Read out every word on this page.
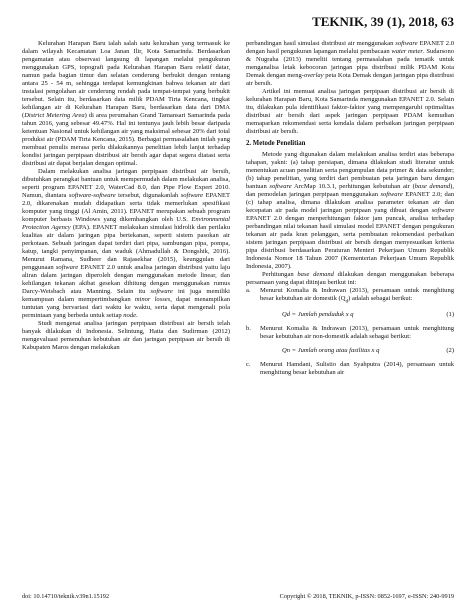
TEKNIK, 39 (1), 2018, 63

Kelurahan Harapan Baru ialah salah satu kelurahan yang termasuk ke dalam wilayah Kecamatan Loa Janan Ilir, Kota Samarinda. Berdasarkan pengamatan atau observasi langsung di lapangan melalui pengukuran menggunakan GPS, topografi pada Kelurahan Harapan Baru relatif datar, namun pada bagian timur dan selatan cenderung berbukit dengan rentang antara 25 - 54 m, sehingga terdapat kemungkinan bahwa tekanan air dari instalasi pengolahan air cenderung rendah pada tempat-tempat yang berbukit tersebut. Selain itu, berdasarkan data milik PDAM Tirta Kencana, tingkat kehilangan air di Kelurahan Harapan Baru, berdasarkan data dari DMA (District Metering Area) di area perumahan Grand Tamansari Samarinda pada tahun 2016, yang sebesar 49.47%. Hal ini tentunya jauh lebih besar daripada ketentuan Nasional untuk kehilangan air yang maksimal sebesar 20% dari total produksi air (PDAM Tirta Kencana, 2015). Berbagai permasalahan inilah yang membuat penulis merasa perlu dilakukannya penelitian lebih lanjut terhadap kondisi jaringan perpipaan distribusi air bersih agar dapat segera diatasi serta distribusi air dapat berjalan dengan optimal.

Dalam melakukan analisa jaringan perpipaan distribusi air bersih, dibutuhkan perangkat bantuan untuk mempermudah dalam melakukan analisa, seperti program EPANET 2.0, WaterCad 8.0, dan Pipe Flow Expert 2010. Namun, diantara software-software tersebut, digunakanlah software EPANET 2.0, dikarenakan mudah didapatkan serta tidak memerlukan spesifikasi komputer yang tinggi (Al Amin, 2011). EPANET merupakan sebuah program komputer berbasis Windows yang dikembangkan oleh U.S. Environmental Protection Agency (EPA). EPANET melakukan simulasi hidrolik dan perilaku kualitas air dalam jaringan pipa bertekanan, seperti sistem pasokan air perkotaan. Sebuah jaringan dapat terdiri dari pipa, sambungan pipa, pompa, katup, tangki penyimpanan, dan waduk (Ahmadullah & Dongshik, 2016). Menurut Ramana, Sudheer dan Rajasekhar (2015), keunggulan dari penggunaan software EPANET 2.0 untuk analisa jaringan distribusi yaitu laju aliran dalam jaringan diperoleh dengan menggunakan metode linear, dan kehilangan tekanan akibat gesekan dihitung dengan menggunakan rumus Darcy-Weisbach atau Manning. Selain itu software ini juga memiliki kemampuan dalam mempertimbangkan minor losses, dapat menampilkan tuntutan yang bervariasi dari waktu ke waktu, serta dapat mengenali pola permintaan yang berbeda untuk setiap node.

Studi mengenai analisa jaringan perpipaan distribusi air bersih telah banyak dilakukan di Indonesia. Selintung, Hatta dan Sudirman (2012) mengevaluasi pemenuhan kebutuhan air dan jaringan perpipaan air bersih di Kabupaten Maros dengan melakukan

perbandingan hasil simulasi distribusi air menggunakan software EPANET 2.0 dengan hasil pengukuran lapangan melalui pembacaan water meter. Sudarsono & Nugraha (2013) meneliti tentang permasalahan pada tematik untuk menganalisa letak kebocoran jaringan pipa distribusi milik PDAM Kota Demak dengan meng-overlay peta Kota Demak dengan jaringan pipa distribusi air bersih.

Artikel ini memuat analisa jaringan perpipaan distribusi air bersih di kelurahan Harapan Baru, Kota Samarinda menggunakan EPANET 2.0. Selain itu, dilakukan pula identifikasi faktor-faktor yang mempengaruhi optimalitas distribusi air bersih dari aspek jaringan perpipaan PDAM kemudian memaparkan rekomendasi serta kendala dalam perbaikan jaringan perpipaan distribusi air bersih.

2. Metode Penelitian

Metode yang digunakan dalam melakukan analisa terdiri atas beberapa tahapan, yakni: (a) tahap persiapan, dimana dilakukan studi literatur untuk menentukan acuan penelitian serta pengumpulan data primer & data sekunder; (b) tahap penelitian, yang terdiri dari pembuatan peta jaringan baru dengan bantuan software ArcMap 10.3.1, perhitungan kebutuhan air (base demand), dan pemodelan jaringan perpipaan menggunakan software EPANET 2.0; dan (c) tahap analisa, dimana dilakukan analisa parameter tekanan air dan kecepatan air pada model jaringan perpipaan yang dibuat dengan software EPANET 2.0 dengan menperhitungan faktor jam puncak, analisa terhadap perbandingan nilai tekanan hasil simulasi model EPANET dengan pengukuran tekanan air pada kran pelanggan, serta pembuatan rekomendasi perbaikan sistem jaringan perpipaan distribusi air bersih dengan menyesuaikan kriteria pipa distribusi berdasarkan Peraturan Menteri Pekerjaan Umum Republik Indonesia Nomor 18 Tahun 2007 (Kementerian Pekerjaan Umum Republik Indonesia, 2007).

Perhitungan base demand dilakukan dengan menggunakan beberapa persamaan yang dapat ditinjau berikut ini:

a. Menurut Komalia & Indrawan (2013), persamaan untuk menghitung besar kebutuhan air domestik $(Q_d)$ adalah sebagai berikut:
Qd = Jumlah penduduk x q	(1)
b. Menurut Komalia & Indrawan (2013), persamaan untuk menghitung besar kebutuhan air non-domestik adalah sebagai berikut:
Qn = Jumlah orang atau fasilitas x q	(2)
c. Menurut Hamdani, Sulistio dan Syahputra (2014), persamaan untuk menghitung besar kebutuhan air
doi: 10.14710/teknik.v39n1.15192	Copyright © 2018, TEKNIK, p-ISSN: 0852-1697, e-ISSN: 240-9919
